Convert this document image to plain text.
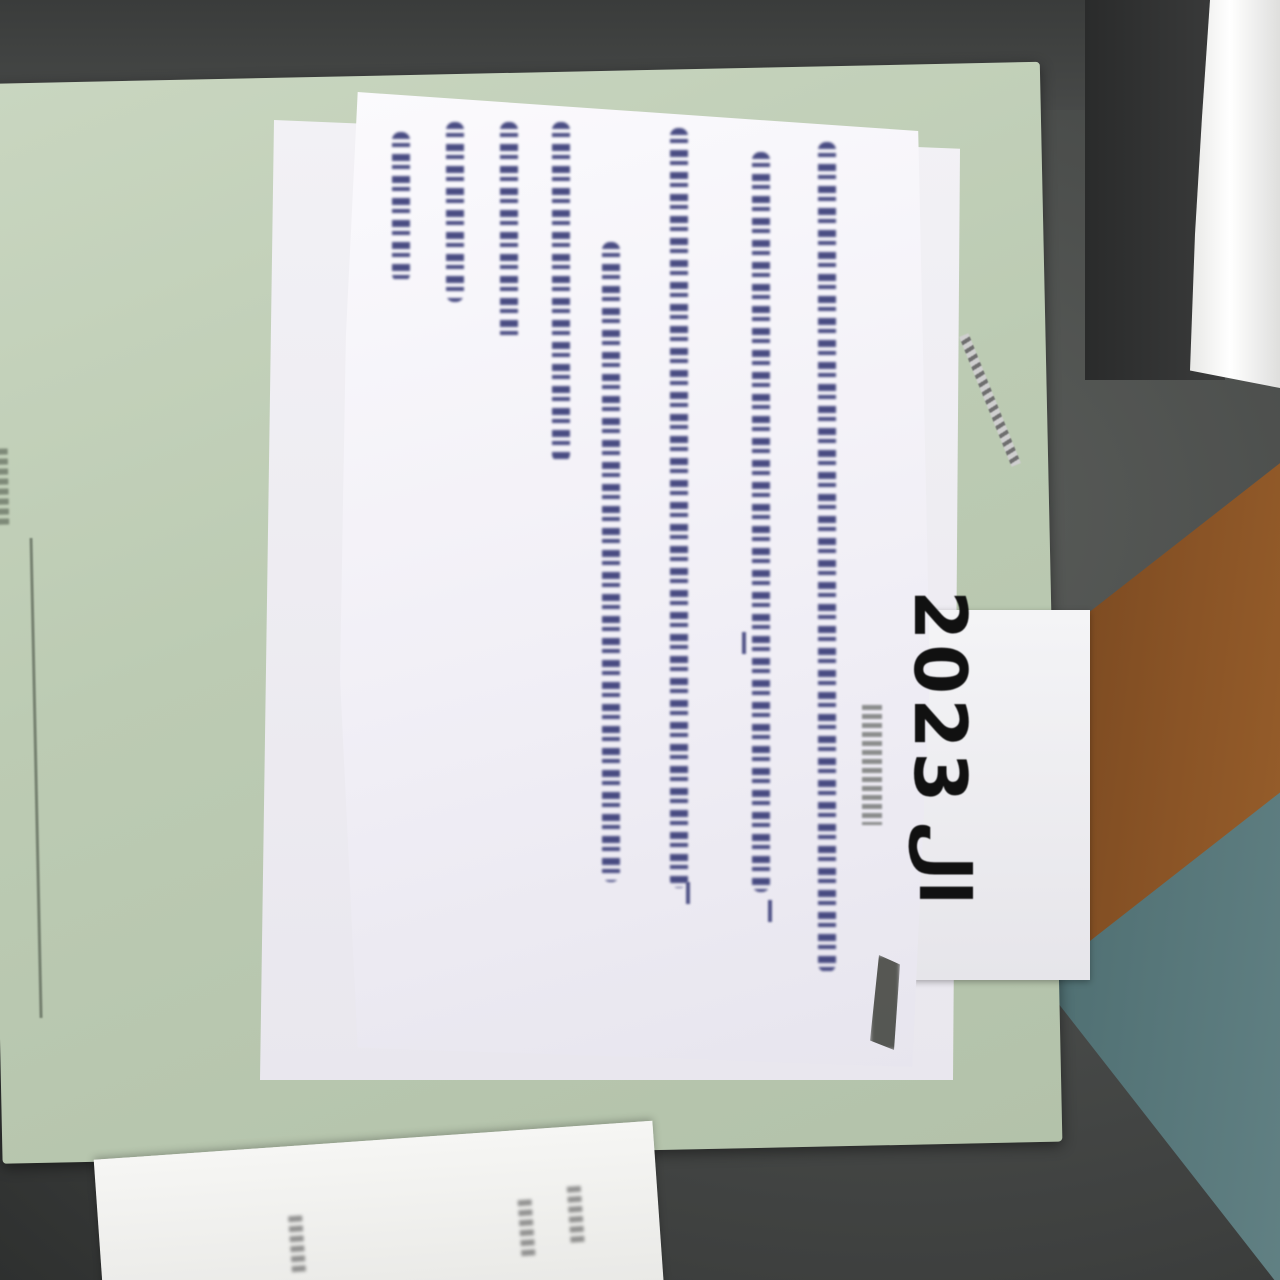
2023
ال
